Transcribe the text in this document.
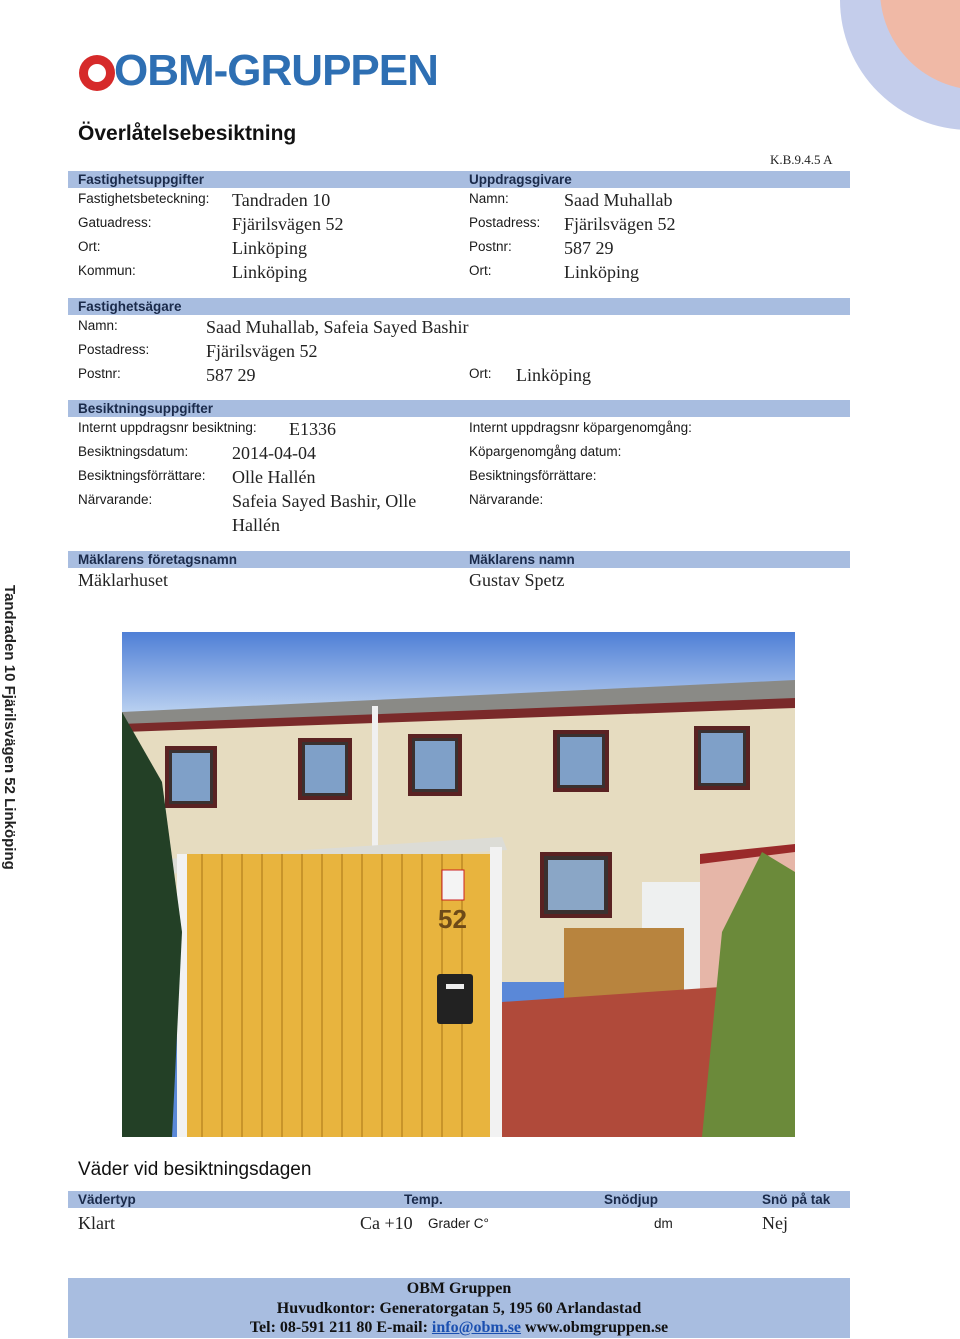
OBM-GRUPPEN
Överlåtelsebesiktning
K.B.9.4.5 A
Fastighetsuppgifter	Uppdragsgivare
Fastighetsbeteckning: Tandraden 10
Gatuadress:	Fjärilsvägen 52
Ort:	Linköping
Kommun:	Linköping
Namn:	Saad Muhallab
Postadress: Fjärilsvägen 52
Postnr:	587 29
Ort:	Linköping
Fastighetsägare
Namn:	Saad Muhallab, Safeia Sayed Bashir
Postadress:	Fjärilsvägen 52
Postnr:	587 29	Ort: Linköping
Besiktningsuppgifter
Internt uppdragsnr besiktning: E1336
Besiktningsdatum: 2014-04-04
Besiktningsförrättare: Olle Hallén
Närvarande:	Safeia Sayed Bashir, Olle
Hallén
Internt uppdragsnr köpargenomgång:
Köpargenomgång datum:
Besiktningsförrättare:
Närvarande:
Mäklarens företagsnamn	Mäklarens namn
Mäklarhuset	Gustav Spetz
Tandraden 10 Fjärilsvägen 52 Linköping
52
Väder vid besiktningsdagen
Vädertyp	Temp.	Snödjup	Snö på tak
Klart	Ca +10 Grader C°	dm	Nej
OBM Gruppen
Huvudkontor: Generatorgatan 5, 195 60 Arlandastad
Tel: 08-591 211 80 E-mail: info@obm.se www.obmgruppen.se
